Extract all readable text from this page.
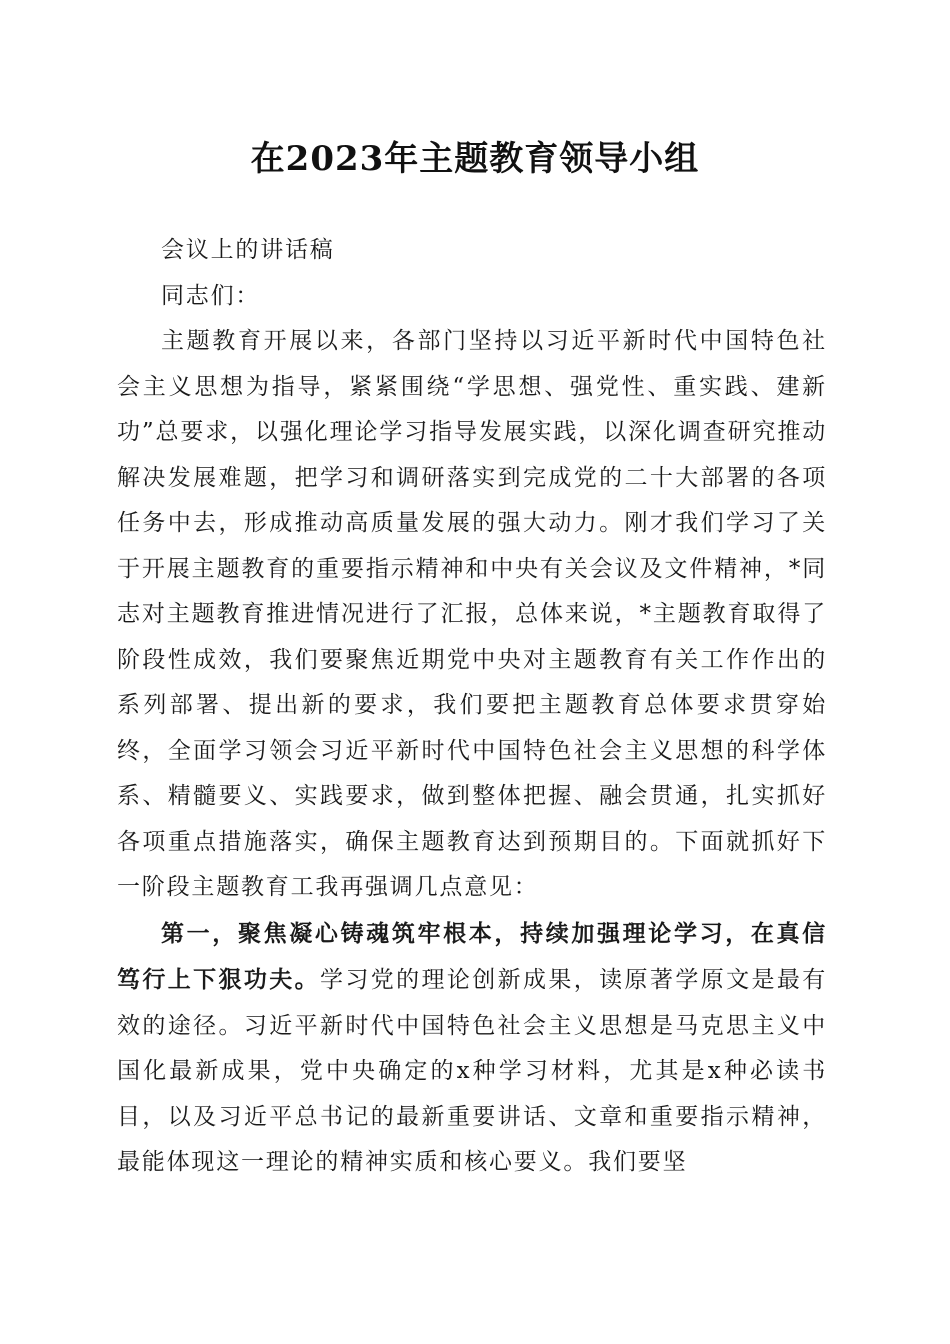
在2023年主题教育领导小组

会议上的讲话稿

同志们：

主题教育开展以来，各部门坚持以习近平新时代中国特色社会主义思想为指导，紧紧围绕“学思想、强党性、重实践、建新功”总要求，以强化理论学习指导发展实践，以深化调查研究推动解决发展难题，把学习和调研落实到完成党的二十大部署的各项任务中去，形成推动高质量发展的强大动力。刚才我们学习了关于开展主题教育的重要指示精神和中央有关会议及文件精神，*同志对主题教育推进情况进行了汇报，总体来说，*主题教育取得了阶段性成效，我们要聚焦近期党中央对主题教育有关工作作出的系列部署、提出新的要求，我们要把主题教育总体要求贯穿始终，全面学习领会习近平新时代中国特色社会主义思想的科学体系、精髓要义、实践要求，做到整体把握、融会贯通，扎实抓好各项重点措施落实，确保主题教育达到预期目的。下面就抓好下一阶段主题教育工我再强调几点意见：

第一，聚焦凝心铸魂筑牢根本，持续加强理论学习，在真信笃行上下狠功夫。学习党的理论创新成果，读原著学原文是最有效的途径。习近平新时代中国特色社会主义思想是马克思主义中国化最新成果，党中央确定的x种学习材料，尤其是x种必读书目，以及习近平总书记的最新重要讲话、文章和重要指示精神，最能体现这一理论的精神实质和核心要义。我们要坚
